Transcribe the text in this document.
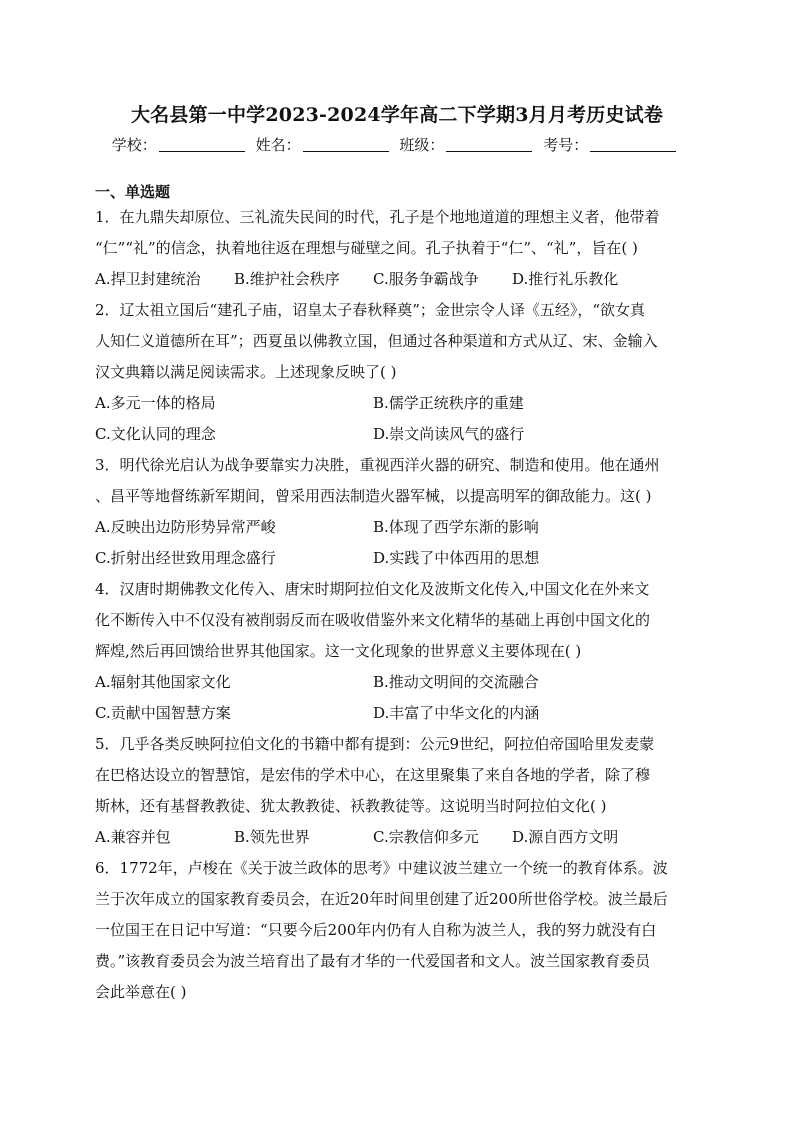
大名县第一中学2023-2024学年高二下学期3月月考历史试卷
学校：	姓名：	班级：	考号：
一、单选题
1．在九鼎失却原位、三礼流失民间的时代，孔子是个地地道道的理想主义者，他带着
“仁”“礼”的信念，执着地往返在理想与碰壁之间。孔子执着于“仁”、“礼”，旨在( )
A.捍卫封建统治	B.维护社会秩序	C.服务争霸战争	D.推行礼乐教化
2．辽太祖立国后“建孔子庙，诏皇太子春秋释奠”；金世宗令人译《五经》，“欲女真
人知仁义道德所在耳”；西夏虽以佛教立国，但通过各种渠道和方式从辽、宋、金输入
汉文典籍以满足阅读需求。上述现象反映了( )
A.多元一体的格局	B.儒学正统秩序的重建
C.文化认同的理念	D.崇文尚读风气的盛行
3．明代徐光启认为战争要靠实力决胜，重视西洋火器的研究、制造和使用。他在通州
、昌平等地督练新军期间，曾采用西法制造火器军械，以提高明军的御敌能力。这( )
A.反映出边防形势异常严峻	B.体现了西学东渐的影响
C.折射出经世致用理念盛行	D.实践了中体西用的思想
4．汉唐时期佛教文化传入、唐宋时期阿拉伯文化及波斯文化传入,中国文化在外来文
化不断传入中不仅没有被削弱反而在吸收借鉴外来文化精华的基础上再创中国文化的
辉煌,然后再回馈给世界其他国家。这一文化现象的世界意义主要体现在( )
A.辐射其他国家文化	B.推动文明间的交流融合
C.贡献中国智慧方案	D.丰富了中华文化的内涵
5．几乎各类反映阿拉伯文化的书籍中都有提到：公元9世纪，阿拉伯帝国哈里发麦蒙
在巴格达设立的智慧馆，是宏伟的学术中心，在这里聚集了来自各地的学者，除了穆
斯林，还有基督教教徒、犹太教教徒、袄教教徒等。这说明当时阿拉伯文化( )
A.兼容并包	B.领先世界	C.宗教信仰多元	D.源自西方文明
6．1772年，卢梭在《关于波兰政体的思考》中建议波兰建立一个统一的教育体系。波
兰于次年成立的国家教育委员会，在近20年时间里创建了近200所世俗学校。波兰最后
一位国王在日记中写道：“只要今后200年内仍有人自称为波兰人，我的努力就没有白
费。”该教育委员会为波兰培育出了最有才华的一代爱国者和文人。波兰国家教育委员
会此举意在( )
